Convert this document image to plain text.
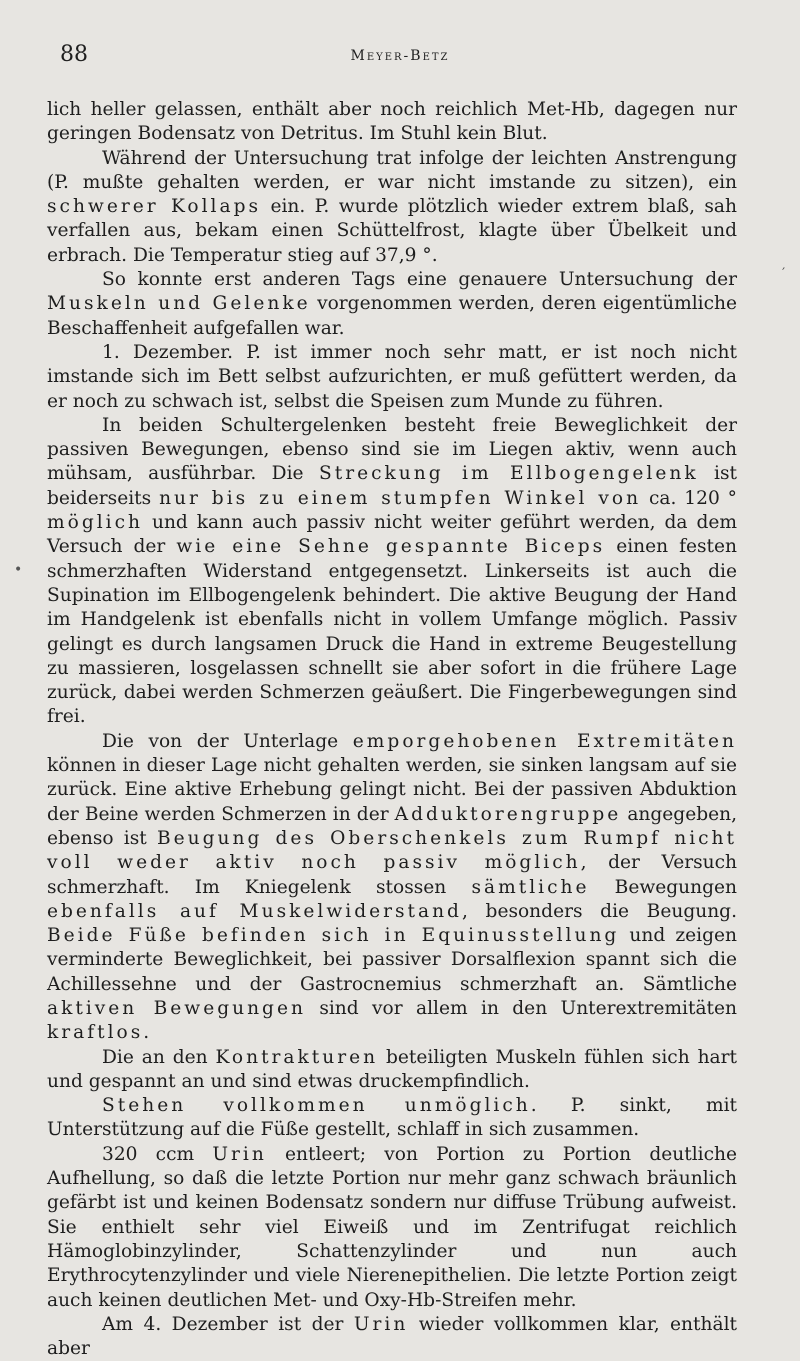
88	Meyer-Betz
′
•

lich heller gelassen, enthält aber noch reichlich Met-Hb, dagegen nur geringen Bodensatz von Detritus. Im Stuhl kein Blut.

Während der Untersuchung trat infolge der leichten Anstrengung (P. mußte gehalten werden, er war nicht imstande zu sitzen), ein schwerer Kollaps ein. P. wurde plötzlich wieder extrem blaß, sah verfallen aus, bekam einen Schüttelfrost, klagte über Übelkeit und erbrach. Die Temperatur stieg auf 37,9 °.

So konnte erst anderen Tags eine genauere Untersuchung der Muskeln und Gelenke vorgenommen werden, deren eigentümliche Beschaffenheit aufgefallen war.

1. Dezember. P. ist immer noch sehr matt, er ist noch nicht imstande sich im Bett selbst aufzurichten, er muß gefüttert werden, da er noch zu schwach ist, selbst die Speisen zum Munde zu führen.

In beiden Schultergelenken besteht freie Beweglichkeit der passiven Bewegungen, ebenso sind sie im Liegen aktiv, wenn auch mühsam, ausführbar. Die Streckung im Ellbogengelenk ist beiderseits nur bis zu einem stumpfen Winkel von ca. 120 ° möglich und kann auch passiv nicht weiter geführt werden, da dem Versuch der wie eine Sehne gespannte Biceps einen festen schmerzhaften Widerstand entgegensetzt. Linkerseits ist auch die Supination im Ellbogengelenk behindert. Die aktive Beugung der Hand im Handgelenk ist ebenfalls nicht in vollem Umfange möglich. Passiv gelingt es durch langsamen Druck die Hand in extreme Beugestellung zu massieren, losgelassen schnellt sie aber sofort in die frühere Lage zurück, dabei werden Schmerzen geäußert. Die Fingerbewegungen sind frei.

Die von der Unterlage emporgehobenen Extremitäten können in dieser Lage nicht gehalten werden, sie sinken langsam auf sie zurück. Eine aktive Erhebung gelingt nicht. Bei der passiven Abduktion der Beine werden Schmerzen in der Adduktorengruppe angegeben, ebenso ist Beugung des Oberschenkels zum Rumpf nicht voll weder aktiv noch passiv möglich, der Versuch schmerzhaft. Im Kniegelenk stossen sämtliche Bewegungen ebenfalls auf Muskelwiderstand, besonders die Beugung. Beide Füße befinden sich in Equinusstellung und zeigen verminderte Beweglichkeit, bei passiver Dorsalflexion spannt sich die Achillessehne und der Gastrocnemius schmerzhaft an. Sämtliche aktiven Bewegungen sind vor allem in den Unterextremitäten kraftlos.

Die an den Kontrakturen beteiligten Muskeln fühlen sich hart und gespannt an und sind etwas druckempfindlich.

Stehen vollkommen unmöglich. P. sinkt, mit Unterstützung auf die Füße gestellt, schlaff in sich zusammen.

320 ccm Urin entleert; von Portion zu Portion deutliche Aufhellung, so daß die letzte Portion nur mehr ganz schwach bräunlich gefärbt ist und keinen Bodensatz sondern nur diffuse Trübung aufweist. Sie enthielt sehr viel Eiweiß und im Zentrifugat reichlich Hämoglobinzylinder, Schattenzylinder und nun auch Erythrocytenzylinder und viele Nierenepithelien. Die letzte Portion zeigt auch keinen deutlichen Met- und Oxy-Hb-Streifen mehr.

Am 4. Dezember ist der Urin wieder vollkommen klar, enthält aber
